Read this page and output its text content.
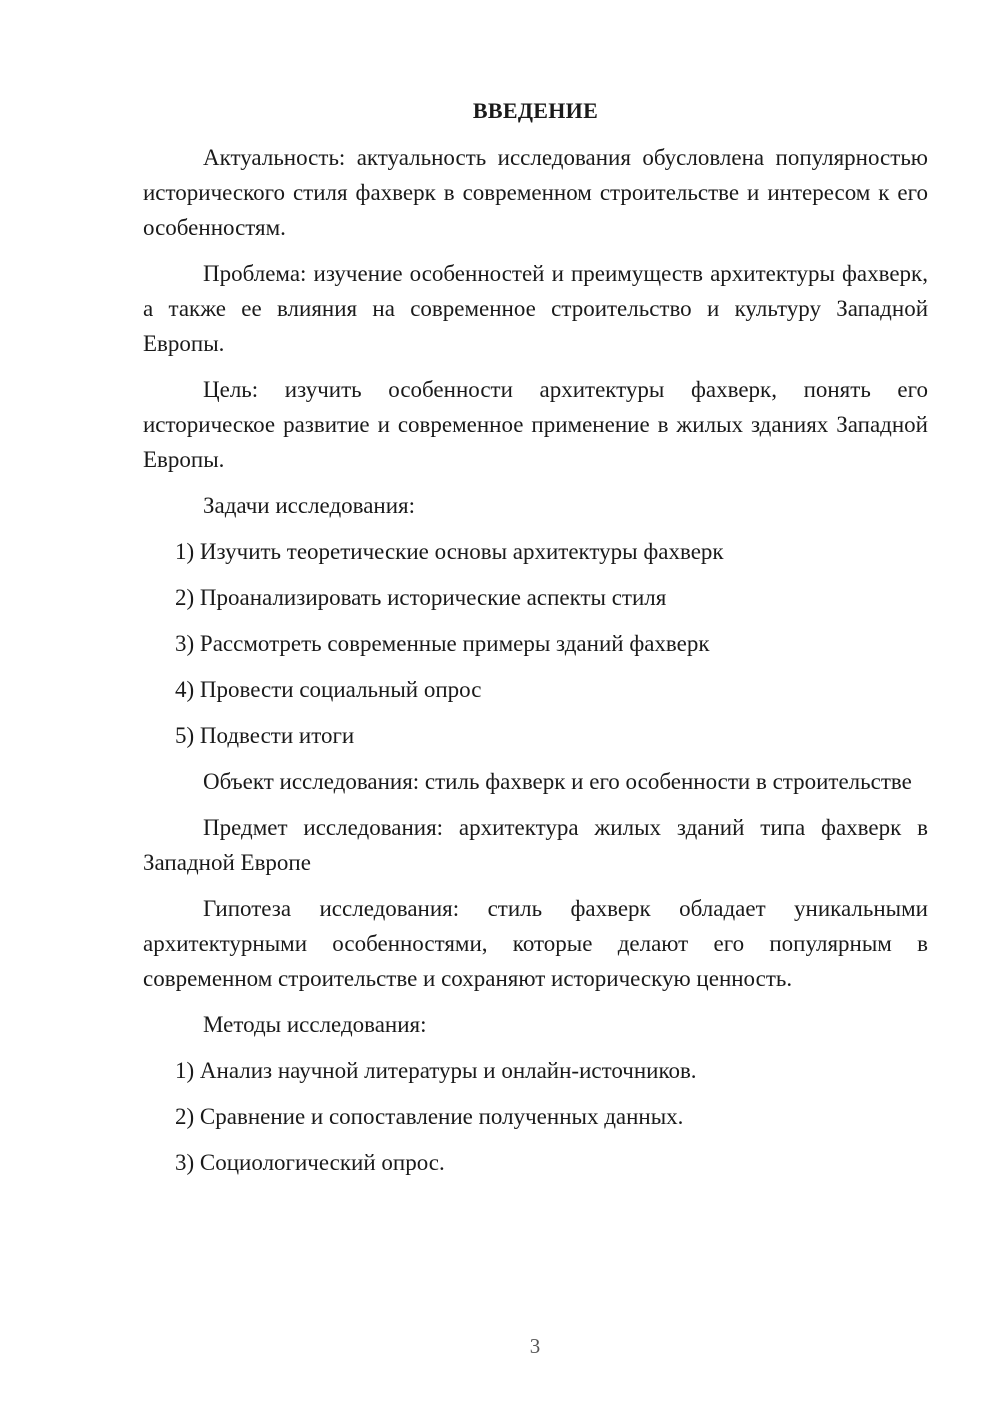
ВВЕДЕНИЕ

Актуальность: актуальность исследования обусловлена популярностью исторического стиля фахверк в современном строительстве и интересом к его особенностям.

Проблема: изучение особенностей и преимуществ архитектуры фахверк, а также ее влияния на современное строительство и культуру Западной Европы.

Цель: изучить особенности архитектуры фахверк, понять его историческое развитие и современное применение в жилых зданиях Западной Европы.

Задачи исследования:

1) Изучить теоретические основы архитектуры фахверк
2) Проанализировать исторические аспекты стиля
3) Рассмотреть современные примеры зданий фахверк
4) Провести социальный опрос
5) Подвести итоги

Объект исследования: стиль фахверк и его особенности в строительстве

Предмет исследования: архитектура жилых зданий типа фахверк в Западной Европе

Гипотеза исследования: стиль фахверк обладает уникальными архитектурными особенностями, которые делают его популярным в современном строительстве и сохраняют историческую ценность.

Методы исследования:

1) Анализ научной литературы и онлайн-источников.
2) Сравнение и сопоставление полученных данных.
3) Социологический опрос.
3
